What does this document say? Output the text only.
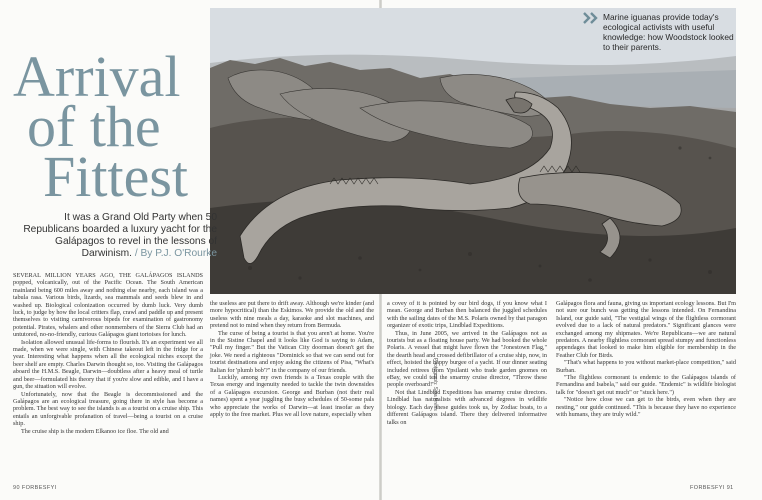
Marine iguanas provide today's ecological activists with useful knowledge: how Woodstock looked to their parents.
Photograph: Sipa Press
Arrival
of the
Fittest
It was a Grand Old Party when 50 Republicans boarded a luxury yacht for the Galápagos to revel in the lessons of Darwinism. / By P.J. O'Rourke

SEVERAL MILLION YEARS AGO, THE GALÁPAGOS ISLANDS popped, volcanically, out of the Pacific Ocean. The South American mainland being 600 miles away and nothing else nearby, each island was a tabula rasa. Various birds, lizards, sea mammals and seeds blew in and washed up. Biological colonization occurred by dumb luck. Very dumb luck, to judge by how the local critters flap, crawl and paddle up and present themselves to visiting carnivorous bipeds for examination of gastronomy potential. Pirates, whalers and other nonmembers of the Sierra Club had an untutored, no-no-friendly, curious Galápagos giant tortoises for lunch.

Isolation allowed unusual life-forms to flourish. It's an experiment we all made, when we were single, with Chinese takeout left in the fridge for a year. Interesting what happens when all the ecological niches except the beer shelf are empty. Charles Darwin thought so, too. Visiting the Galápagos aboard the H.M.S. Beagle, Darwin—doubtless after a heavy meal of turtle and beer—formulated his theory that if you're slow and edible, and I have a gun, the situation will evolve.

Unfortunately, now that the Beagle is decommissioned and the Galápagos are an ecological treasure, going there in style has become a problem. The best way to see the islands is as a tourist on a cruise ship. This entails an unforgivable profanation of travel—being a tourist on a cruise ship.

The cruise ship is the modern Elkanoo ice floe. The old and

the useless are put there to drift away. Although we're kinder (and more hypocritical) than the Eskimos. We provide the old and the useless with nine meals a day, karaoke and slot machines, and pretend not to mind when they return from Bermuda.

The curse of being a tourist is that you aren't at home. You're in the Sistine Chapel and it looks like God is saying to Adam, "Pull my finger." But the Vatican City doorman doesn't get the joke. We need a righteous "Dominick so that we can send out for tourist destinations and enjoy asking the citizens of Pisa, "What's Italian for 'plumb bob'?" in the company of our friends.

Luckily, among my own friends is a Texas couple with the Texas energy and ingenuity needed to tackle the twin downsides of a Galápagos excursion. George and Burban (not their real names) spent a year juggling the busy schedules of 50-some pals who appreciate the works of Darwin—at least insofar as they apply to the free market. Plus we all love nature, especially when

a covey of it is pointed by our bird dogs, if you know what I mean. George and Burban then balanced the juggled schedules with the sailing dates of the M.S. Polaris owned by that paragon organizer of exotic trips, Lindblad Expeditions.

Thus, in June 2005, we arrived in the Galápagos not as tourists but as a floating house party. We had booked the whole Polaris. A vessel that might have flown the "Jonestown Flag," the dearth head and crossed defibrillator of a cruise ship, now, in effect, hoisted the happy burgee of a yacht. If our dinner seating included retirees from Ypsilanti who trade garden gnomes on eBay, we could tell the smarmy cruise director, "Throw these people overboard!"

Not that Lindblad Expeditions has smarmy cruise directors. Lindblad has naturalists with advanced degrees in wildlife biology. Each day these guides took us, by Zodiac boats, to a different Galápagos island. There they delivered informative talks on

Galápagos flora and fauna, giving us important ecology lessons. But I'm not sure our bunch was getting the lessons intended. On Fernandina Island, our guide said, "The vestigial wings of the flightless cormorant evolved due to a lack of natural predators." Significant glances were exchanged among my shipmates. We're Republicans—we are natural predators. A nearby flightless cormorant spread stumpy and functionless appendages that looked to make him eligible for membership in the Feather Club for Birds.

"That's what happens to you without market-place competition," said Burban.

"The flightless cormorant is endemic to the Galápagos islands of Fernandina and Isabela," said our guide. "Endemic" is wildlife biologist talk for "doesn't get out much" or "stuck here.")

"Notice how close we can get to the birds, even when they are nesting," our guide continued. "This is because they have no experience with humans, they are truly wild."

90 FORBESFYI	FORBESFYI 91
